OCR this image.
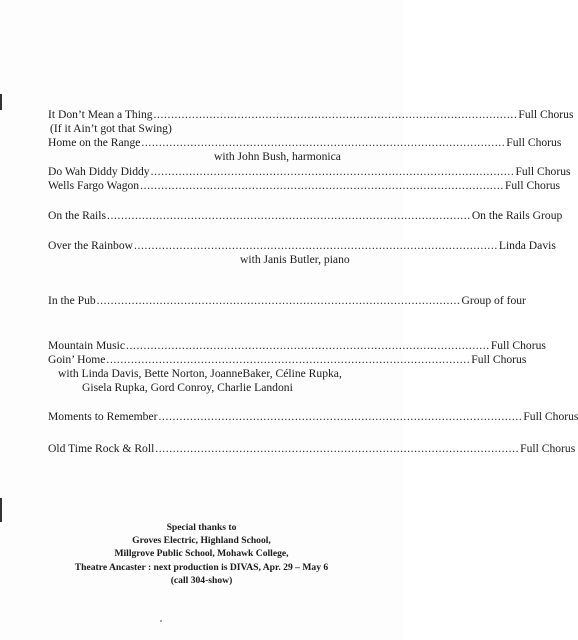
It Don’t Mean a Thing ........................................................................................................ Full Chorus
(If it Ain’t got that Swing)
Home on the Range ........................................................................................................ Full Chorus
with John Bush, harmonica
Do Wah Diddy Diddy ........................................................................................................ Full Chorus
Wells Fargo Wagon ........................................................................................................ Full Chorus
On the Rails ........................................................................................................ On the Rails Group
Over the Rainbow ........................................................................................................ Linda Davis
with Janis Butler, piano
In the Pub ........................................................................................................ Group of four
Mountain Music ........................................................................................................ Full Chorus
Goin’ Home ........................................................................................................ Full Chorus
with Linda Davis, Bette Norton, JoanneBaker, Céline Rupka,
Gisela Rupka, Gord Conroy, Charlie Landoni
Moments to Remember ........................................................................................................ Full Chorus
Old Time Rock & Roll ........................................................................................................ Full Chorus
Special thanks to
Groves Electric, Highland School,
Millgrove Public School, Mohawk College,
Theatre Ancaster : next production is DIVAS, Apr. 29 – May 6
(call 304-show)
